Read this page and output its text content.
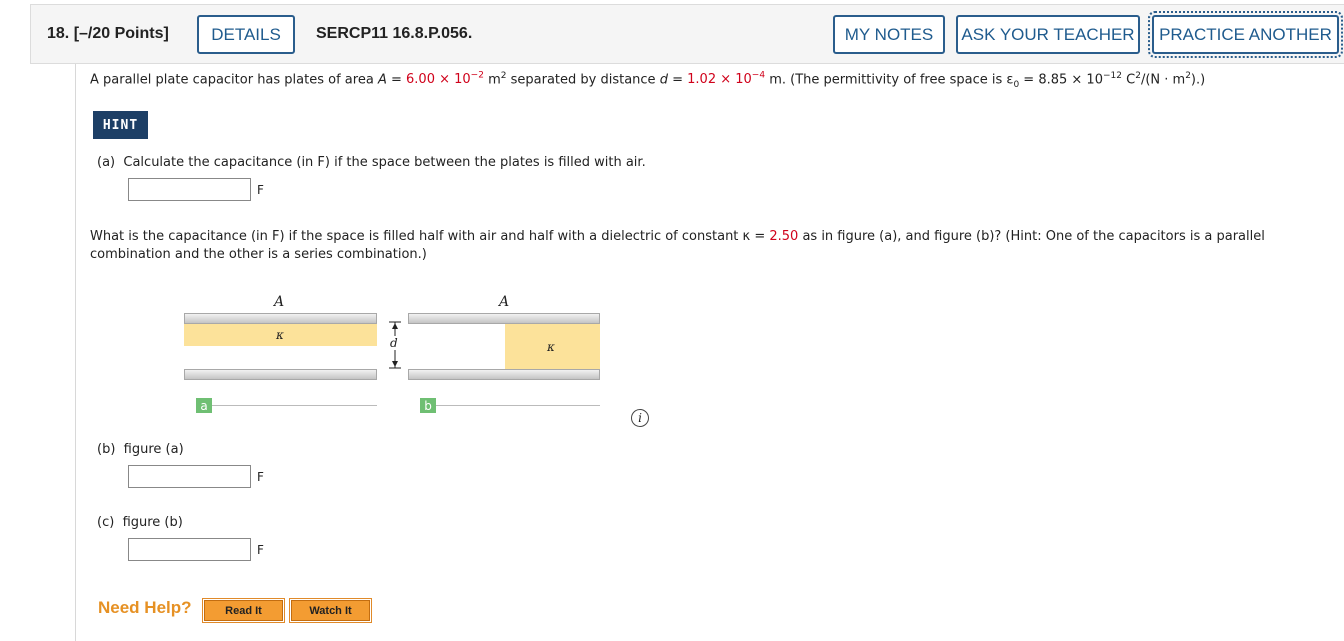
18. [–/20 Points]	DETAILS	SERCP11 16.8.P.056.	MY NOTES	ASK YOUR TEACHER	PRACTICE ANOTHER
A parallel plate capacitor has plates of area $A = 6.00 \times 10^{-2}$ $m^2$ separated by distance $d = 1.02 \times 10^{-4}$ m. (The permittivity of free space is $\varepsilon_0 = 8.85 \times 10^{-12}$ $C^2/(N \cdot m^2)$.)
HINT
(a) Calculate the capacitance (in F) if the space between the plates is filled with air.
F
What is the capacitance (in F) if the space is filled half with air and half with a dielectric of constant κ = 2.50 as in figure (a), and figure (b)? (Hint: One of the capacitors is a parallel combination and the other is a series combination.)
A
κ
a
d
A
κ
b
i
(b) figure (a)
F
(c) figure (b)
F
Need Help?	Read It	Watch It
